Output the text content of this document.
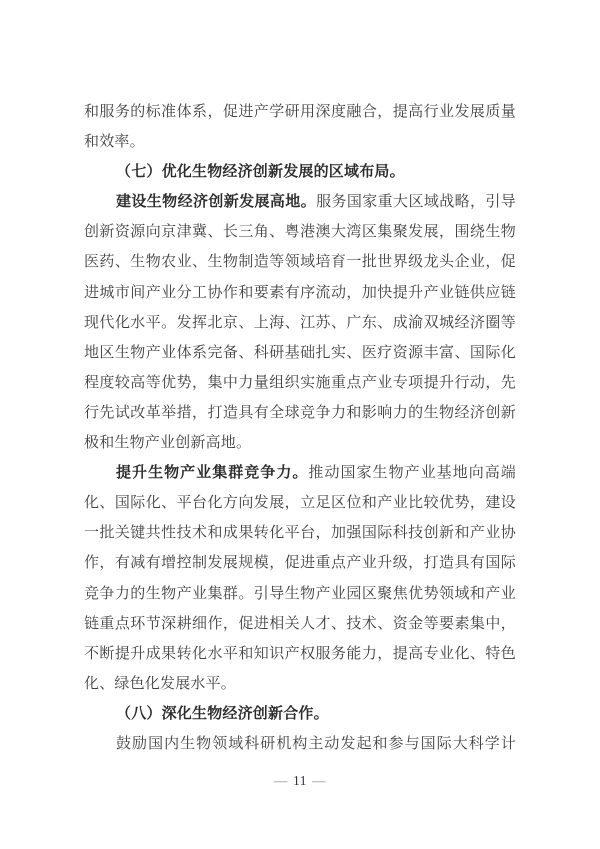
和服务的标准体系，促进产学研用深度融合，提高行业发展质量
和效率。
（七）优化生物经济创新发展的区域布局。
建设生物经济创新发展高地。服务国家重大区域战略，引导
创新资源向京津冀、长三角、粤港澳大湾区集聚发展，围绕生物
医药、生物农业、生物制造等领域培育一批世界级龙头企业，促
进城市间产业分工协作和要素有序流动，加快提升产业链供应链
现代化水平。发挥北京、上海、江苏、广东、成渝双城经济圈等
地区生物产业体系完备、科研基础扎实、医疗资源丰富、国际化
程度较高等优势，集中力量组织实施重点产业专项提升行动，先
行先试改革举措，打造具有全球竞争力和影响力的生物经济创新
极和生物产业创新高地。
提升生物产业集群竞争力。推动国家生物产业基地向高端
化、国际化、平台化方向发展，立足区位和产业比较优势，建设
一批关键共性技术和成果转化平台，加强国际科技创新和产业协
作，有减有增控制发展规模，促进重点产业升级，打造具有国际
竞争力的生物产业集群。引导生物产业园区聚焦优势领域和产业
链重点环节深耕细作，促进相关人才、技术、资金等要素集中，
不断提升成果转化水平和知识产权服务能力，提高专业化、特色
化、绿色化发展水平。
（八）深化生物经济创新合作。
鼓励国内生物领域科研机构主动发起和参与国际大科学计
— 11 —
